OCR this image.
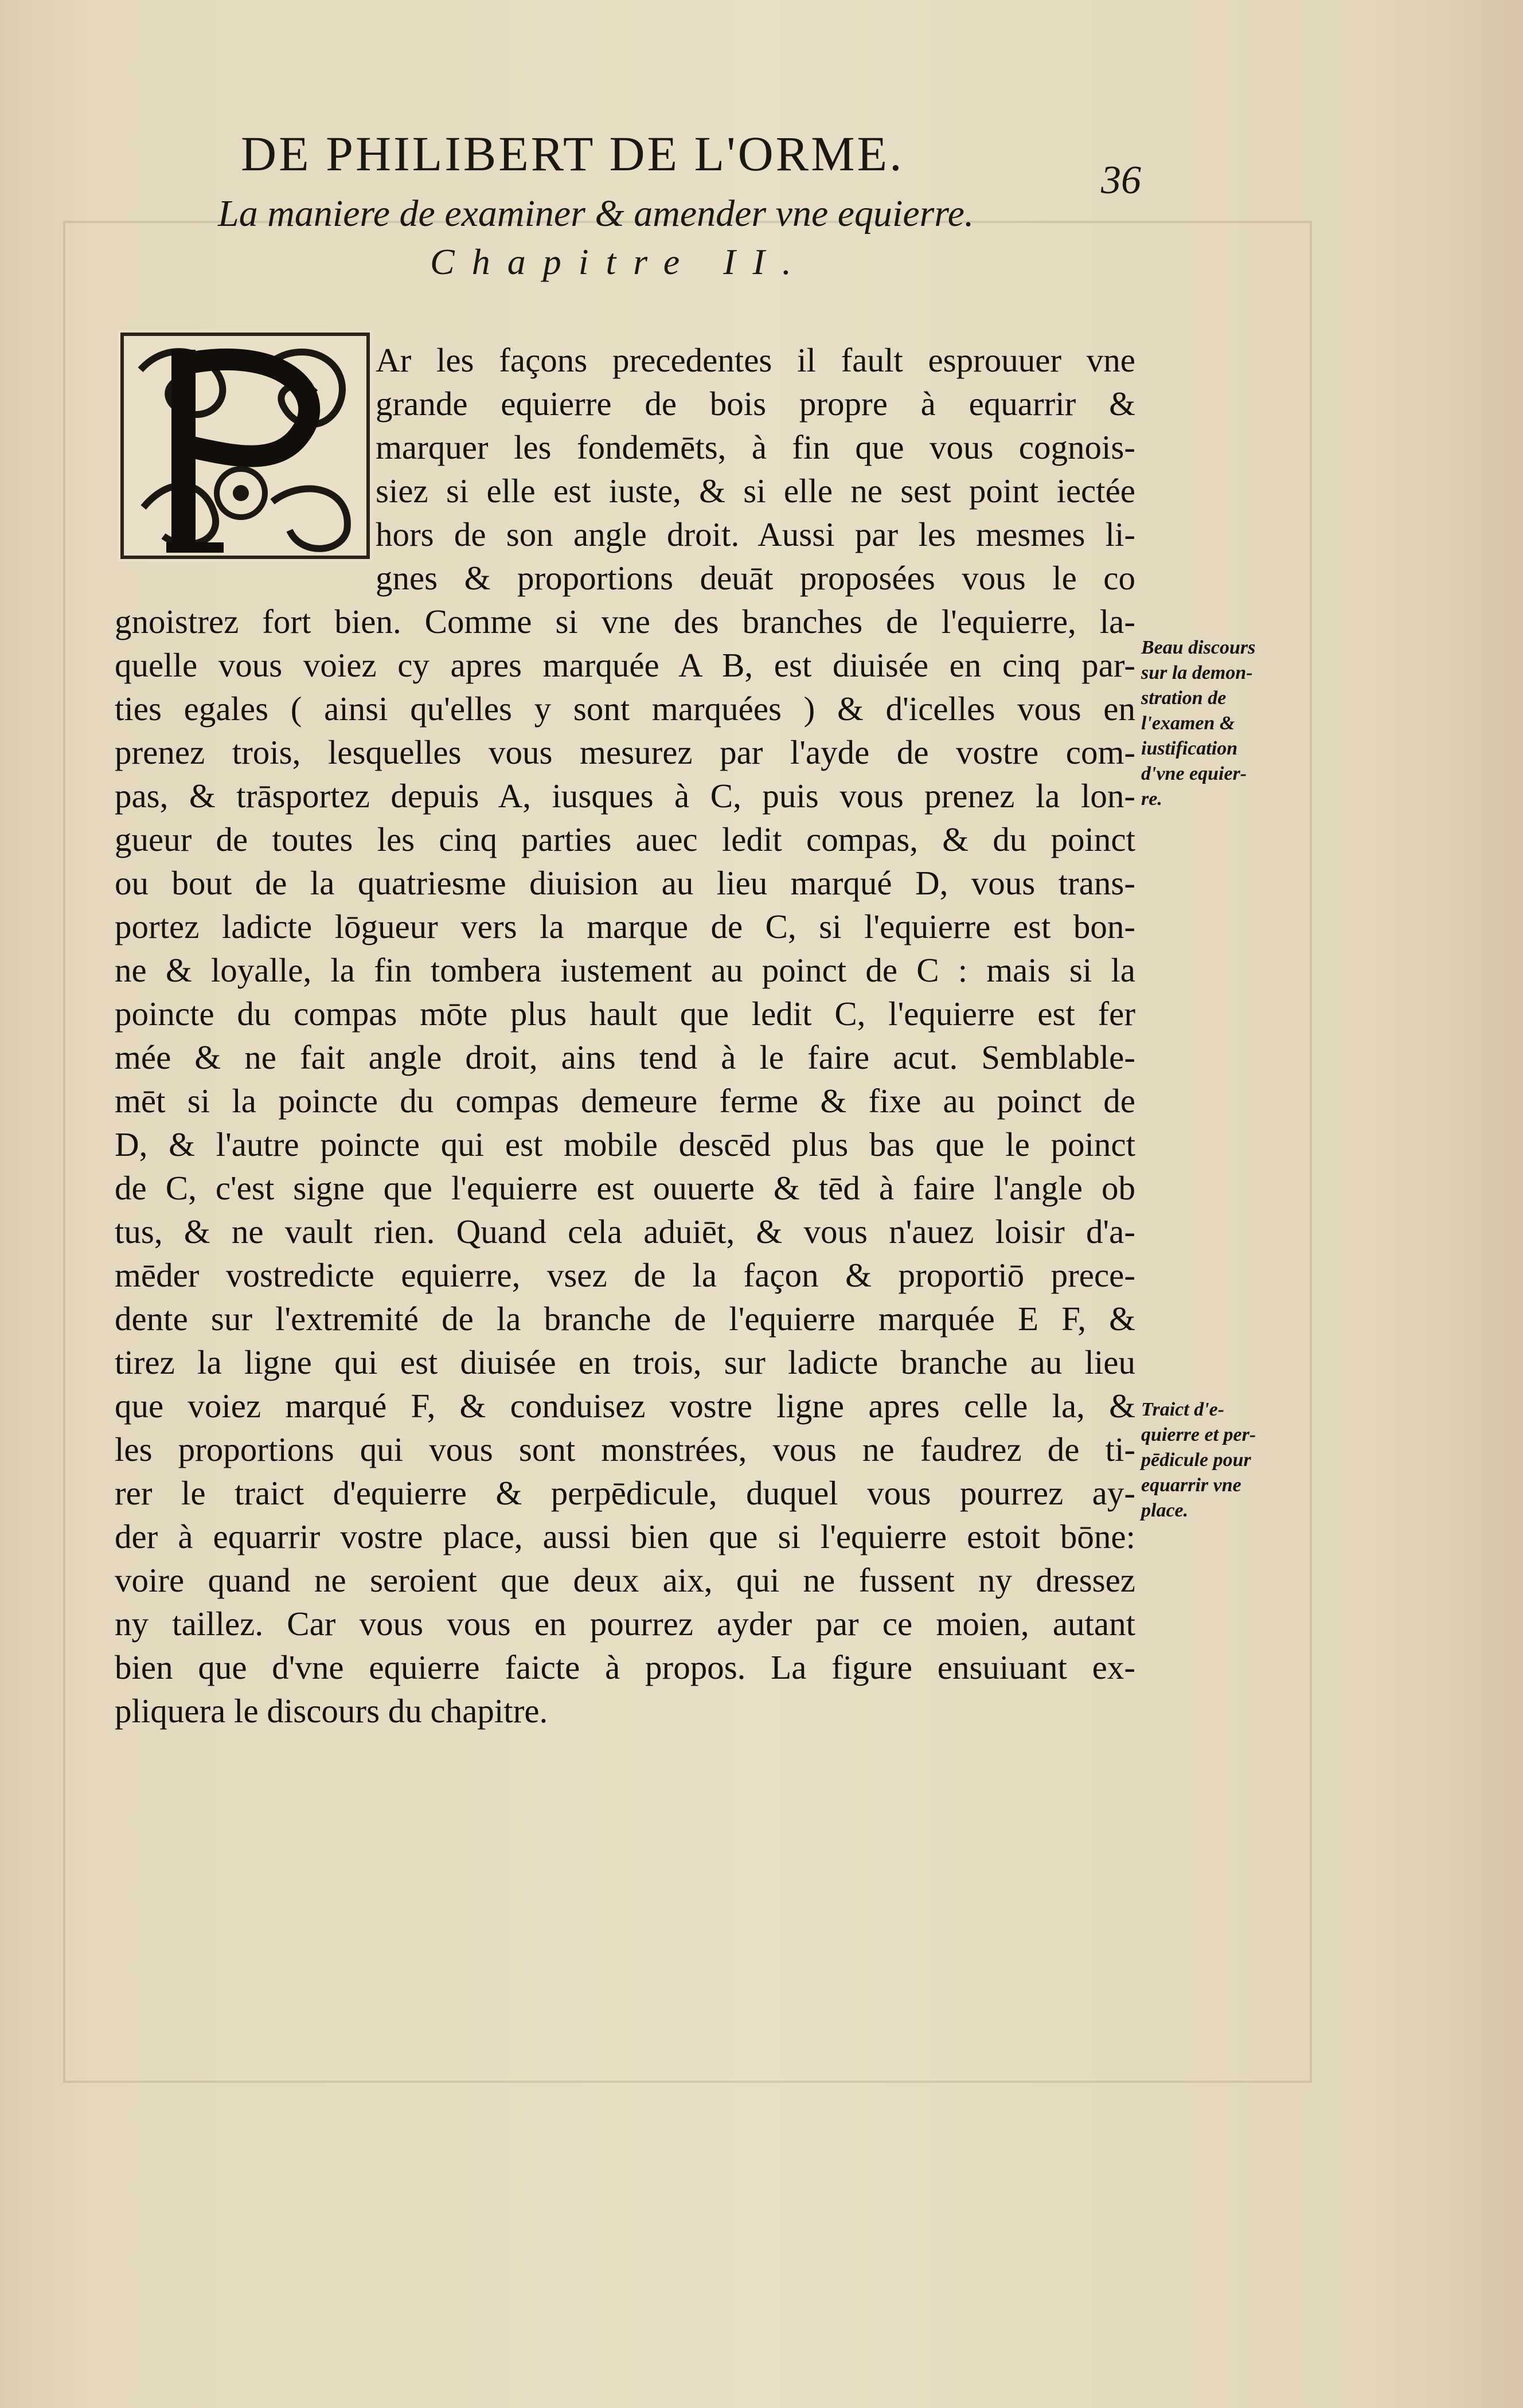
DE PHILIBERT DE L'ORME.	36
La maniere de examiner & amender vne equierre.
Chapitre II.
Ar les façons precedentes il fault esprouuer vne
grande equierre de bois propre à equarrir &
marquer les fondemēts, à fin que vous cognois-
siez si elle est iuste, & si elle ne sest point iectée
hors de son angle droit. Aussi par les mesmes li-
gnes & proportions deuāt proposées vous le co
gnoistrez fort bien. Comme si vne des branches de l'equierre, la-
quelle vous voiez cy apres marquée A B, est diuisée en cinq par-
ties egales ( ainsi qu'elles y sont marquées ) & d'icelles vous en
prenez trois, lesquelles vous mesurez par l'ayde de vostre com-
pas, & trāsportez depuis A, iusques à C, puis vous prenez la lon-
gueur de toutes les cinq parties auec ledit compas, & du poinct
ou bout de la quatriesme diuision au lieu marqué D, vous trans-
portez ladicte lōgueur vers la marque de C, si l'equierre est bon-
ne & loyalle, la fin tombera iustement au poinct de C : mais si la
poincte du compas mōte plus hault que ledit C, l'equierre est fer
mée & ne fait angle droit, ains tend à le faire acut. Semblable-
mēt si la poincte du compas demeure ferme & fixe au poinct de
D, & l'autre poincte qui est mobile descēd plus bas que le poinct
de C, c'est signe que l'equierre est ouuerte & tēd à faire l'angle ob
tus, & ne vault rien. Quand cela aduiēt, & vous n'auez loisir d'a-
mēder vostredicte equierre, vsez de la façon & proportiō prece-
dente sur l'extremité de la branche de l'equierre marquée E F, &
tirez la ligne qui est diuisée en trois, sur ladicte branche au lieu
que voiez marqué F, & conduisez vostre ligne apres celle la, &
les proportions qui vous sont monstrées, vous ne faudrez de ti-
rer le traict d'equierre & perpēdicule, duquel vous pourrez ay-
der à equarrir vostre place, aussi bien que si l'equierre estoit bōne:
voire quand ne seroient que deux aix, qui ne fussent ny dressez
ny taillez. Car vous vous en pourrez ayder par ce moien, autant
bien que d'vne equierre faicte à propos. La figure ensuiuant ex-
pliquera le discours du chapitre.
Beau discours
sur la demon-
stration de
l'examen &
iustification
d'vne equier-
re.
Traict d'e-
quierre et per-
pēdicule pour
equarrir vne
place.
